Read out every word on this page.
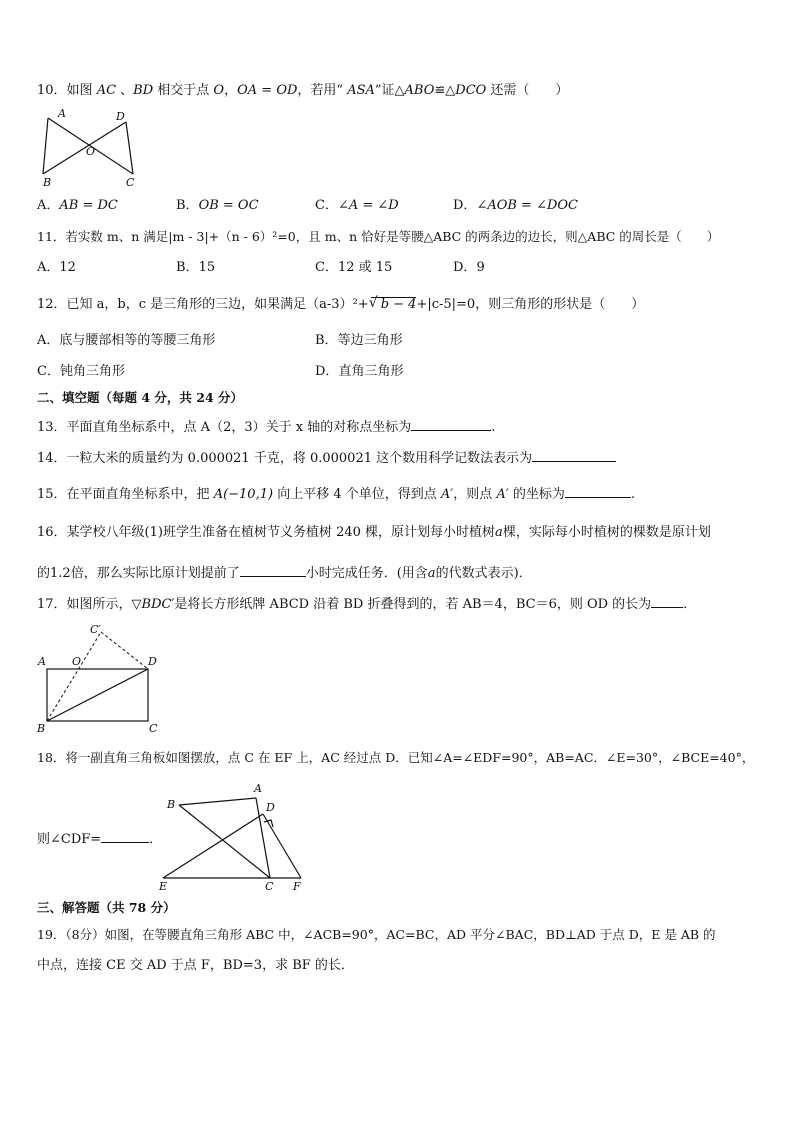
10．如图 AC 、BD 相交于点 O，OA = OD，若用“ ASA”证△ABO≌△DCO 还需（　　）
A	D
O
B	C
A．AB = DC	B．OB = OC	C．∠A = ∠D	D．∠AOB = ∠DOC
11．若实数 m、n 满足|m - 3|+（n - 6）²=0，且 m、n 恰好是等腰△ABC 的两条边的边长，则△ABC 的周长是（　　）
A．12	B．15	C．12 或 15	D．9
12．已知 a，b，c 是三角形的三边，如果满足（a-3）²+√ b − 4+|c-5|=0，则三角形的形状是（　　）
A．底与腰部相等的等腰三角形	B．等边三角形
C．钝角三角形	D．直角三角形
二、填空题（每题 4 分，共 24 分）
13．平面直角坐标系中，点 A（2，3）关于 x 轴的对称点坐标为	.
14．一粒大米的质量约为 0.000021 千克，将 0.000021 这个数用科学记数法表示为
15．在平面直角坐标系中，把 A(−10,1) 向上平移 4 个单位，得到点 A′，则点 A′ 的坐标为	.
16．某学校八年级(1)班学生准备在植树节义务植树 240 棵，原计划每小时植树a棵，实际每小时植树的棵数是原计划
的1.2倍，那么实际比原计划提前了	小时完成任务．(用含a的代数式表示)．
17．如图所示，▽BDC′是将长方形纸牌 ABCD 沿着 BD 折叠得到的，若 AB＝4，BC＝6，则 OD 的长为 ．
C′
A O	D
B	C
18．将一副直角三角板如图摆放，点 C 在 EF 上，AC 经过点 D．已知∠A=∠EDF=90°，AB=AC．∠E=30°，∠BCE=40°，
A
B	D
E	C F
则∠CDF=	．
三、解答题（共 78 分）
19．（8分）如图，在等腰直角三角形 ABC 中，∠ACB=90°，AC=BC，AD 平分∠BAC，BD⊥AD 于点 D，E 是 AB 的
中点，连接 CE 交 AD 于点 F，BD=3，求 BF 的长．
